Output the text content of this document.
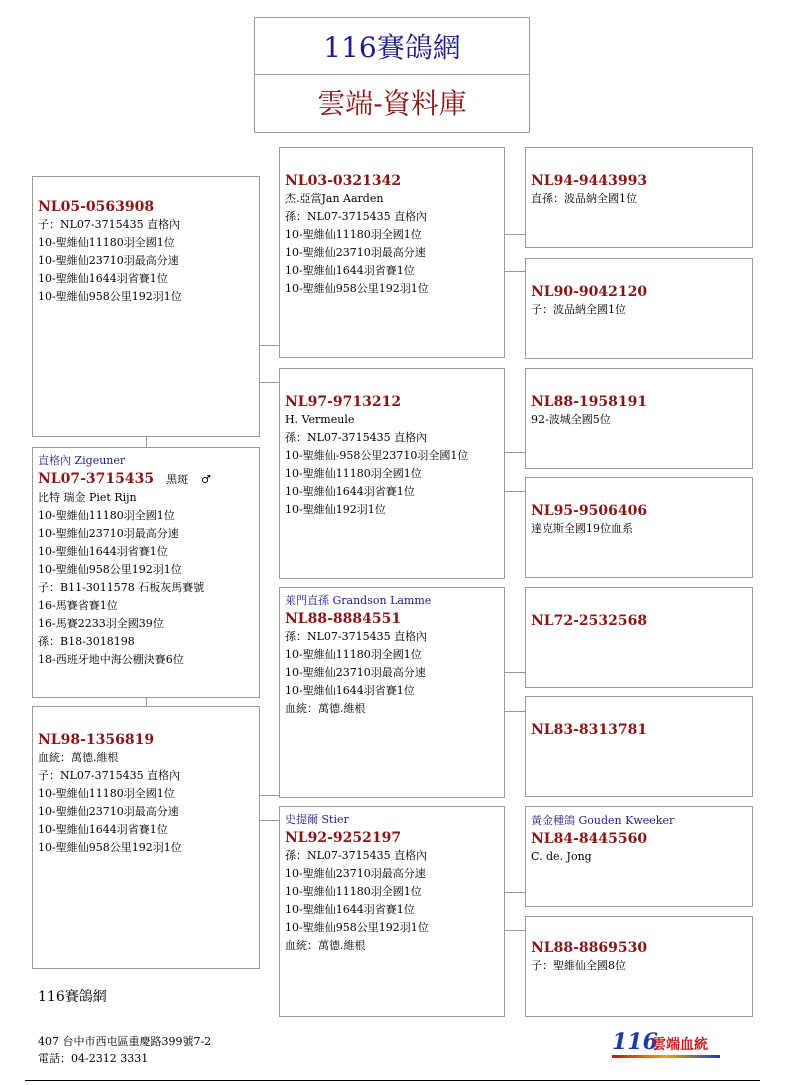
116賽鴿網
雲端-資料庫
NL05-0563908
子：NL07-3715435 直格內
10-聖維仙11180羽全國1位
10-聖維仙23710羽最高分速
10-聖維仙1644羽省賽1位
10-聖維仙958公里192羽1位
直格內 Zigeuner
NL07-3715435 黑斑 ♂
比特 瑞金 Piet Rijn
10-聖維仙11180羽全國1位
10-聖維仙23710羽最高分速
10-聖維仙1644羽省賽1位
10-聖維仙958公里192羽1位
子：B11-3011578 石板灰馬賽號
16-馬賽省賽1位
16-馬賽2233羽全國39位
孫：B18-3018198
18-西班牙地中海公棚決賽6位
NL98-1356819
血統：萬德.維根
子：NL07-3715435 直格內
10-聖維仙11180羽全國1位
10-聖維仙23710羽最高分速
10-聖維仙1644羽省賽1位
10-聖維仙958公里192羽1位
NL03-0321342
杰.亞當Jan Aarden
孫：NL07-3715435 直格內
10-聖維仙11180羽全國1位
10-聖維仙23710羽最高分速
10-聖維仙1644羽省賽1位
10-聖維仙958公里192羽1位
NL97-9713212
H. Vermeule
孫：NL07-3715435 直格內
10-聖維仙-958公里23710羽全國1位
10-聖維仙11180羽全國1位
10-聖維仙1644羽省賽1位
10-聖維仙192羽1位
萊門直孫 Grandson Lamme
NL88-8884551
孫：NL07-3715435 直格內
10-聖維仙11180羽全國1位
10-聖維仙23710羽最高分速
10-聖維仙1644羽省賽1位
血統：萬德.維根
史提爾 Stier
NL92-9252197
孫：NL07-3715435 直格內
10-聖維仙23710羽最高分速
10-聖維仙11180羽全國1位
10-聖維仙1644羽省賽1位
10-聖維仙958公里192羽1位
血統：萬德.維根
NL94-9443993
直孫：波品納全國1位
NL90-9042120
子：波品納全國1位
NL88-1958191
92-波城全國5位
NL95-9506406
達克斯全國19位血系
NL72-2532568
NL83-8313781
黃金種鴿 Gouden Kweeker
NL84-8445560
C. de. Jong
NL88-8869530
子：聖維仙全國8位
116賽鴿網
407 台中市西屯區重慶路399號7-2
電話：04-2312 3331
116
雲端血統
